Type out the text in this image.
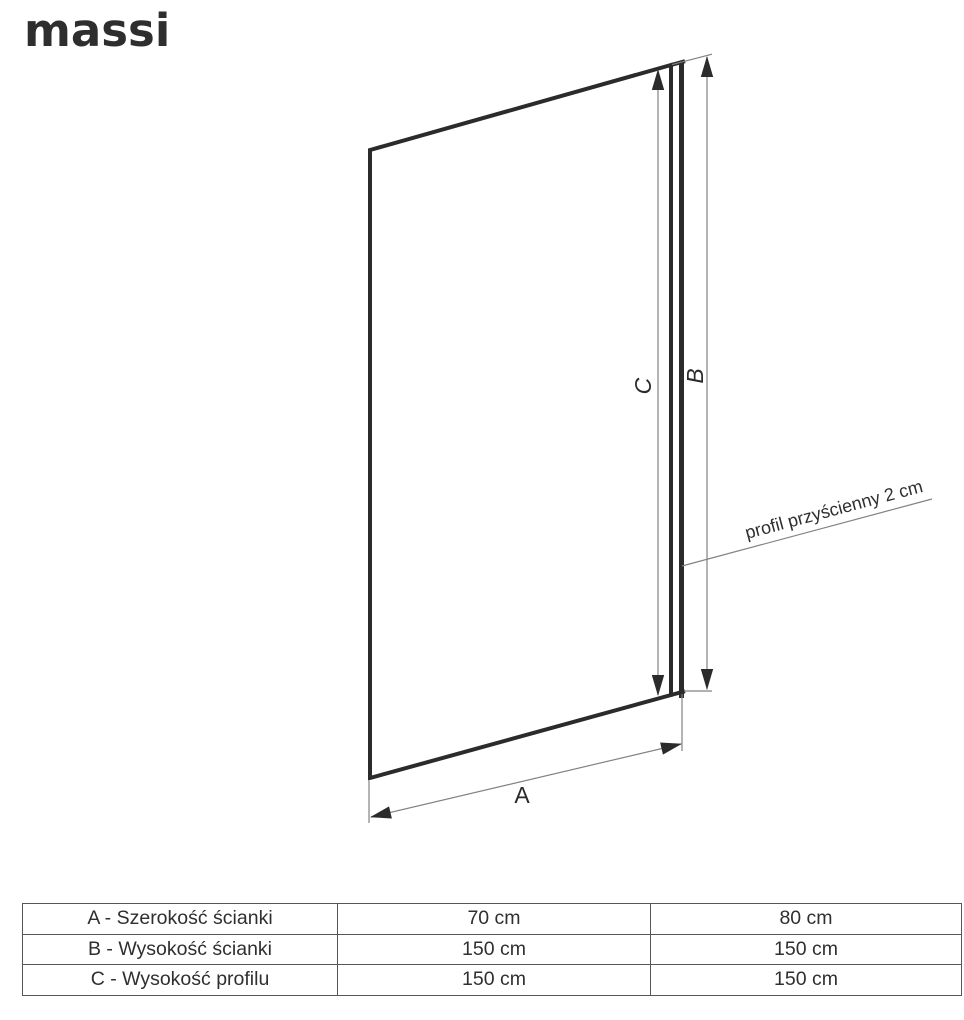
massi
C
B
A
profil przyścienny 2 cm
A - Szerokość ścianki	70 cm	80 cm
B - Wysokość ścianki	150 cm	150 cm
C - Wysokość profilu	150 cm	150 cm
